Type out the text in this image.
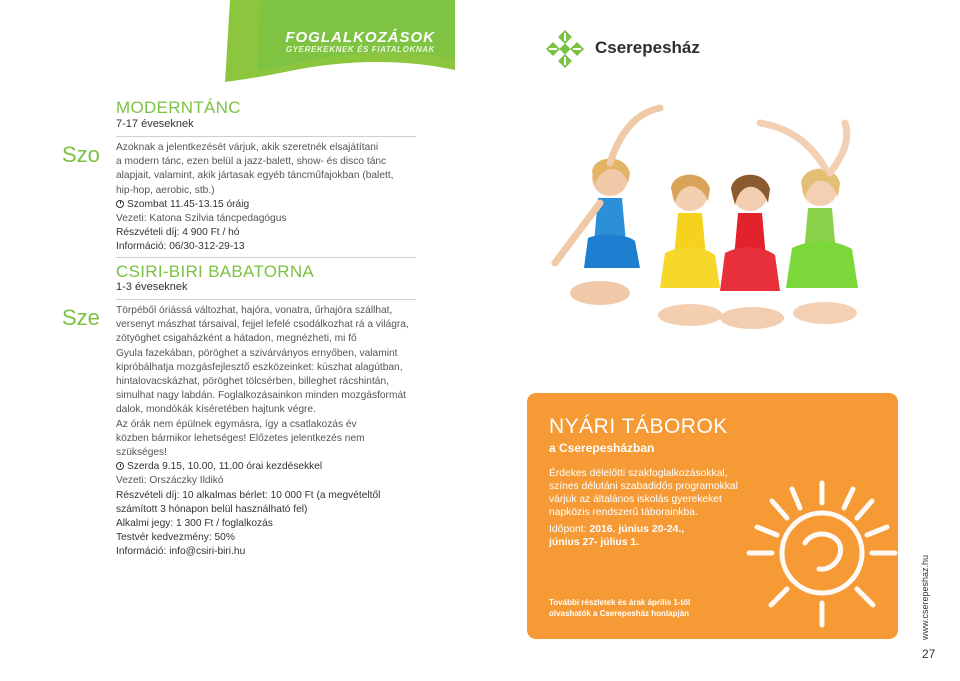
FOGLALKOZÁSOK
GYEREKEKNEK ÉS FIATALOKNAK	Cserepesház
MODERNTÁNC
7-17 éveseknek
Szo Azoknak a jelentkezését várjuk, akik szeretnék elsajátítani

a modern tánc, ezen belül a jazz-balett, show- és disco tánc

alapjait, valamint, akik jártasak egyéb táncműfajokban (balett,

hip-hop, aerobic, stb.)

Szombat 11.45-13.15 óráig

Vezeti: Katona Szilvia táncpedagógus

Részvételi díj: 4 900 Ft / hó

Információ: 06/30-312-29-13

CSIRI-BIRI BABATORNA
1-3 éveseknek
Sze Törpéből óriássá változhat, hajóra, vonatra, űrhajóra szállhat,

versenyt mászhat társaival, fejjel lefelé csodálkozhat rá a világra,

zötyöghet csigaházként a hátadon, megnézheti, mi fő

Gyula fazekában, pöröghet a szivárványos ernyőben, valamint

kipróbálhatja mozgásfejlesztő eszközeinket: kúszhat alagútban,

hintalovacskázhat, pöröghet tölcsérben, billeghet rácshintán,

simulhat nagy labdán. Foglalkozásainkon minden mozgásformát

dalok, mondókák kíséretében hajtunk végre.

Az órák nem épülnek egymásra, így a csatlakozás év

közben bármikor lehetséges! Előzetes jelentkezés nem szükséges!

Szerda 9.15, 10.00, 11.00 órai kezdésekkel

Vezeti: Orszáczky Ildikó

Részvételi díj: 10 alkalmas bérlet: 10 000 Ft (a megvételtől

számított 3 hónapon belül használható fel)

Alkalmi jegy: 1 300 Ft / foglalkozás

Testvér kedvezmény: 50%

Információ: info@csiri-biri.hu

NYÁRI TÁBOROK
a Cserepesházban
Érdekes délelőtti szakfoglalkozásokkal,
színes délutáni szabadidős programokkal
várjuk az általános iskolás gyerekeket
napközis rendszerű táborainkba.
Időpont: 2016. június 20-24.,
június 27- július 1.
További részletek és árak április 1-től
olvashatók a Cserepesház honlapján	www.cserepeshaz.hu
27
